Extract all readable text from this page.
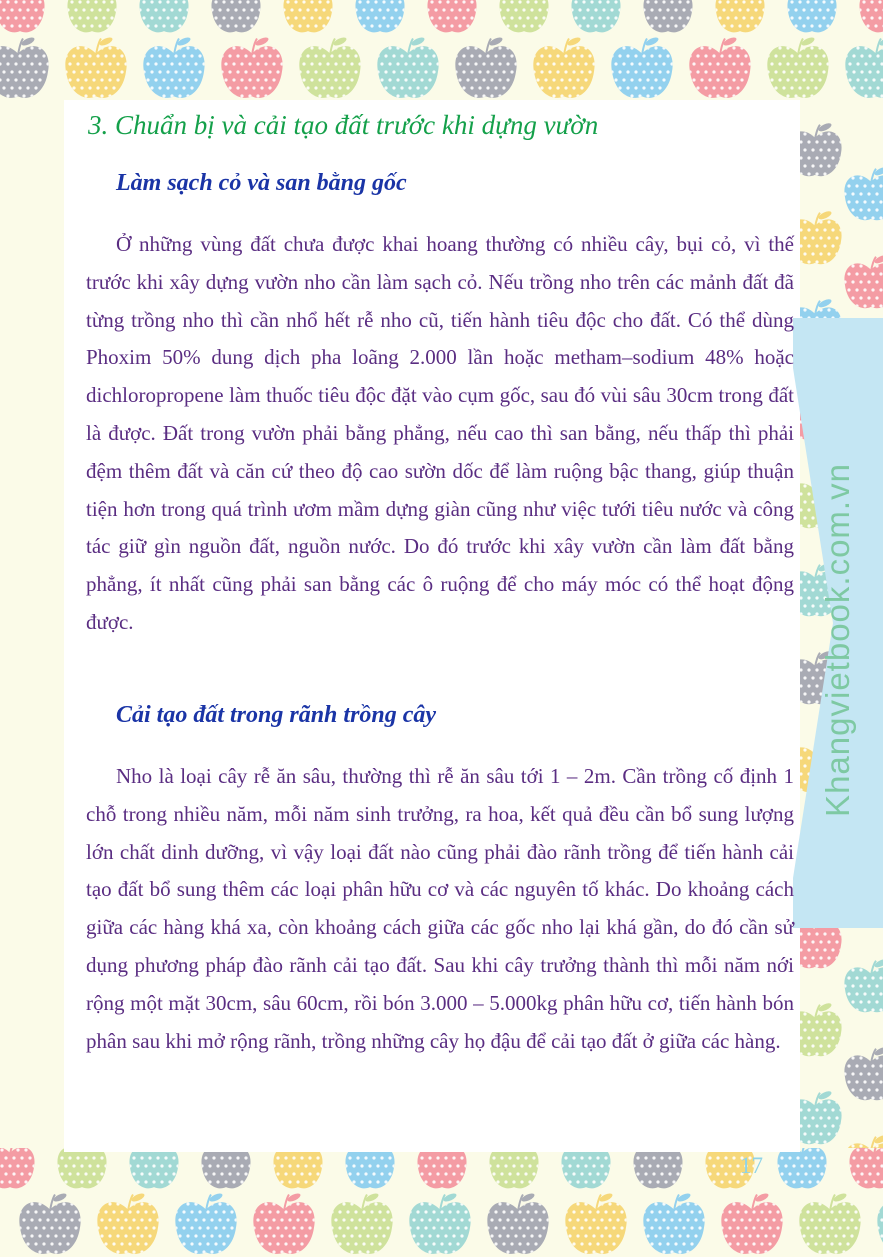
Khangvietbook.com.vn
3. Chuẩn bị và cải tạo đất trước khi dựng vườn
Làm sạch cỏ và san bằng gốc

Ở những vùng đất chưa được khai hoang thường có nhiều cây, bụi cỏ, vì thế trước khi xây dựng vườn nho cần làm sạch cỏ. Nếu trồng nho trên các mảnh đất đã từng trồng nho thì cần nhổ hết rễ nho cũ, tiến hành tiêu độc cho đất. Có thể dùng Phoxim 50% dung dịch pha loãng 2.000 lần hoặc metham–sodium 48% hoặc dichloropropene làm thuốc tiêu độc đặt vào cụm gốc, sau đó vùi sâu 30cm trong đất là được. Đất trong vườn phải bằng phẳng, nếu cao thì san bằng, nếu thấp thì phải đệm thêm đất và căn cứ theo độ cao sườn dốc để làm ruộng bậc thang, giúp thuận tiện hơn trong quá trình ươm mầm dựng giàn cũng như việc tưới tiêu nước và công tác giữ gìn nguồn đất, nguồn nước. Do đó trước khi xây vườn cần làm đất bằng phẳng, ít nhất cũng phải san bằng các ô ruộng để cho máy móc có thể hoạt động được.

Cải tạo đất trong rãnh trồng cây

Nho là loại cây rễ ăn sâu, thường thì rễ ăn sâu tới 1 – 2m. Cần trồng cố định 1 chỗ trong nhiều năm, mỗi năm sinh trưởng, ra hoa, kết quả đều cần bổ sung lượng lớn chất dinh dưỡng, vì vậy loại đất nào cũng phải đào rãnh trồng để tiến hành cải tạo đất bổ sung thêm các loại phân hữu cơ và các nguyên tố khác. Do khoảng cách giữa các hàng khá xa, còn khoảng cách giữa các gốc nho lại khá gần, do đó cần sử dụng phương pháp đào rãnh cải tạo đất. Sau khi cây trưởng thành thì mỗi năm nới rộng một mặt 30cm, sâu 60cm, rồi bón 3.000 – 5.000kg phân hữu cơ, tiến hành bón phân sau khi mở rộng rãnh, trồng những cây họ đậu để cải tạo đất ở giữa các hàng.

17
